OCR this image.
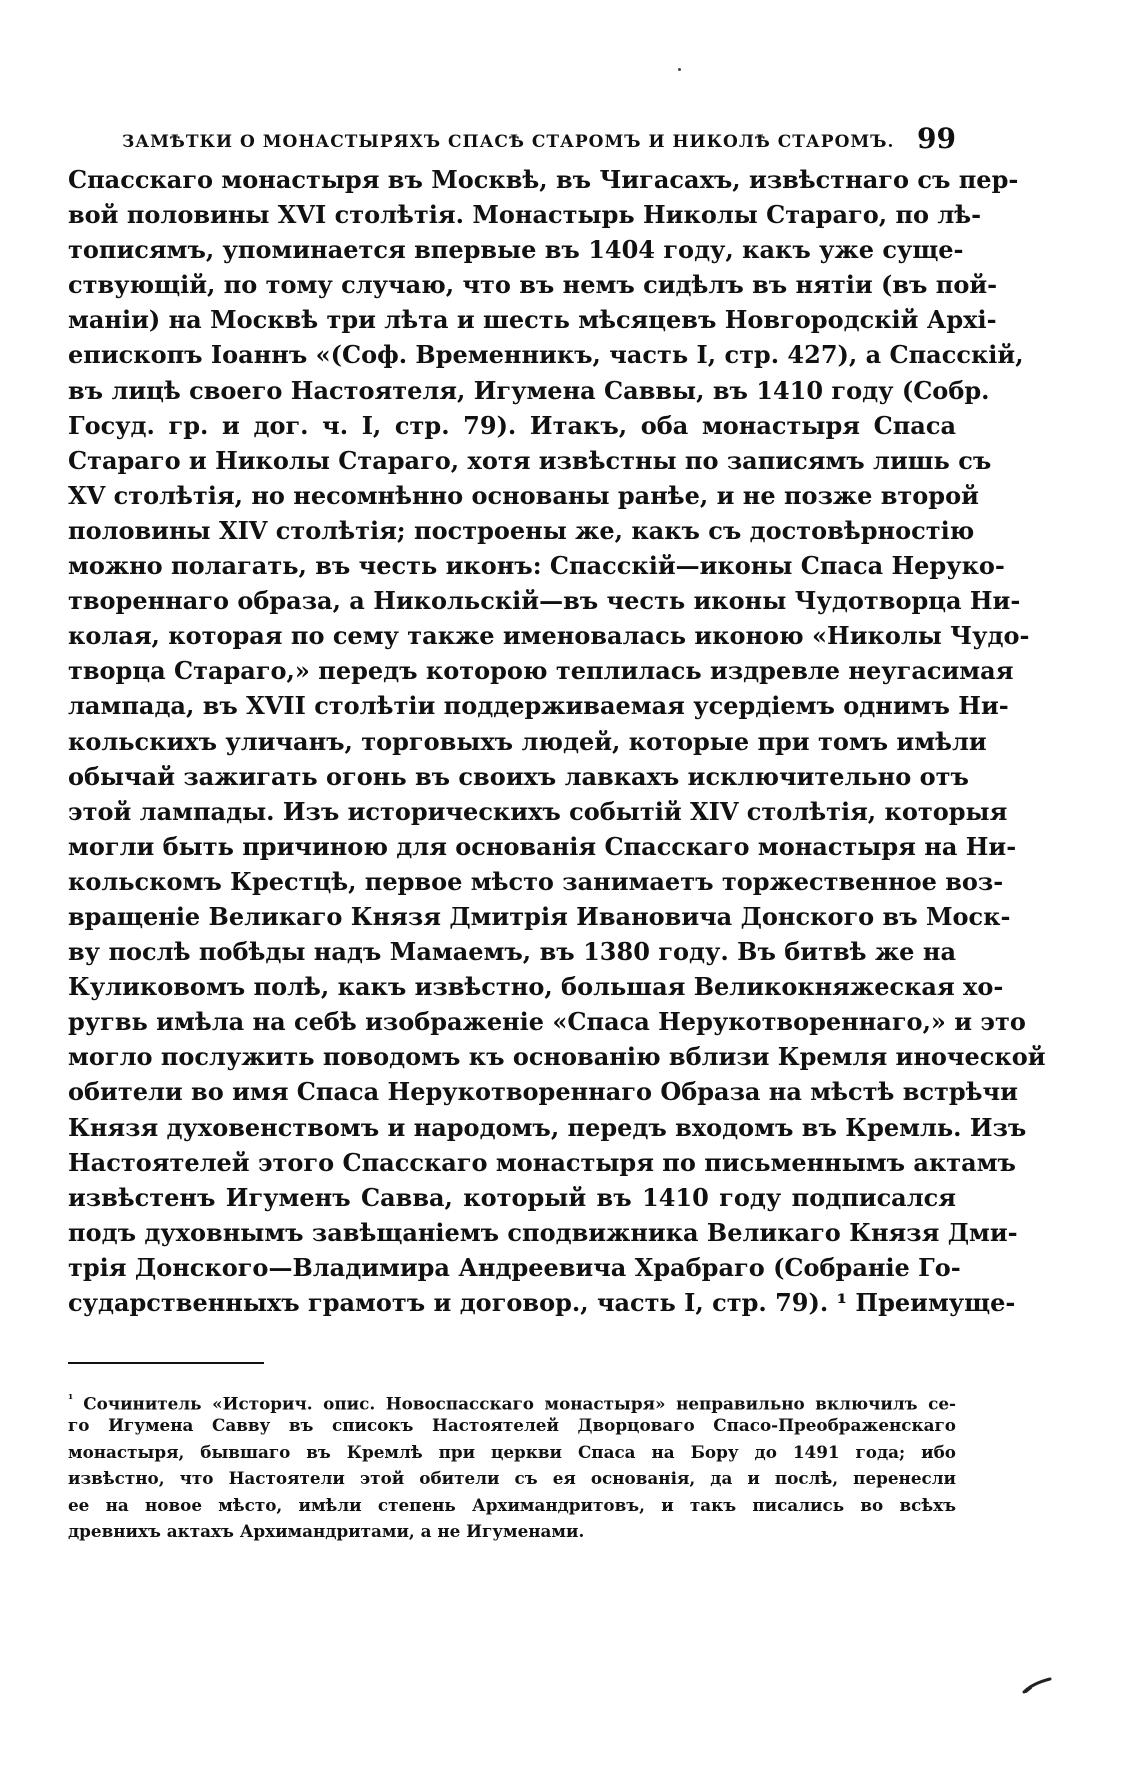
ЗАМѢТКИ О МОНАСТЫРЯХЪ СПАСѢ СТАРОМЪ И НИКОЛѢ СТАРОМЪ. 99
Спасскаго монастыря въ Москвѣ, въ Чигасахъ, извѣстнаго съ пер-
вой половины XVI столѣтія. Монастырь Николы Стараго, по лѣ-
тописямъ, упоминается впервые въ 1404 году, какъ уже суще-
ствующій, по тому случаю, что въ немъ сидѣлъ въ нятіи (въ пой-
маніи) на Москвѣ три лѣта и шесть мѣсяцевъ Новгородскій Архі-
епископъ Іоаннъ «(Соф. Временникъ, часть I, стр. 427), а Спасскій,
въ лицѣ своего Настоятеля, Игумена Саввы, въ 1410 году (Собр.
Госуд. гр. и дог. ч. I, стр. 79). Итакъ, оба монастыря Спаса
Стараго и Николы Стараго, хотя извѣстны по записямъ лишь съ
XV столѣтія, но несомнѣнно основаны ранѣе, и не позже второй
половины XIV столѣтія; построены же, какъ съ достовѣрностію
можно полагать, въ честь иконъ: Спасскій—иконы Спаса Неруко-
твореннаго образа, а Никольскій—въ честь иконы Чудотворца Ни-
колая, которая по сему также именовалась иконою «Николы Чудо-
творца Стараго,» передъ которою теплилась издревле неугасимая
лампада, въ XVII столѣтіи поддерживаемая усердіемъ однимъ Ни-
кольскихъ уличанъ, торговыхъ людей, которые при томъ имѣли
обычай зажигать огонь въ своихъ лавкахъ исключительно отъ
этой лампады. Изъ историческихъ событій XIV столѣтія, которыя
могли быть причиною для основанія Спасскаго монастыря на Ни-
кольскомъ Крестцѣ, первое мѣсто занимаетъ торжественное воз-
вращеніе Великаго Князя Дмитрія Ивановича Донского въ Моск-
ву послѣ побѣды надъ Мамаемъ, въ 1380 году. Въ битвѣ же на
Куликовомъ полѣ, какъ извѣстно, большая Великокняжеская хо-
ругвь имѣла на себѣ изображеніе «Спаса Нерукотвореннаго,» и это
могло послужить поводомъ къ основанію вблизи Кремля иноческой
обители во имя Спаса Нерукотвореннаго Образа на мѣстѣ встрѣчи
Князя духовенствомъ и народомъ, передъ входомъ въ Кремль. Изъ
Настоятелей этого Спасскаго монастыря по письменнымъ актамъ
извѣстенъ Игуменъ Савва, который въ 1410 году подписался
подъ духовнымъ завѣщаніемъ сподвижника Великаго Князя Дми-
трія Донского—Владимира Андреевича Храбраго (Собраніе Го-
сударственныхъ грамотъ и договор., часть I, стр. 79). ¹ Преимуще-
$^{^1}$ Сочинитель «Историч. опис. Новоспасскаго монастыря» неправильно включилъ се-
го Игумена Савву въ списокъ Настоятелей Дворцоваго Спасо-Преображенскаго
монастыря, бывшаго въ Кремлѣ при церкви Спаса на Бору до 1491 года; ибо
извѣстно, что Настоятели этой обители съ ея основанія, да и послѣ, перенесли
ее на новое мѣсто, имѣли степень Архимандритовъ, и такъ писались во всѣхъ
древнихъ актахъ Архимандритами, а не Игуменами.
